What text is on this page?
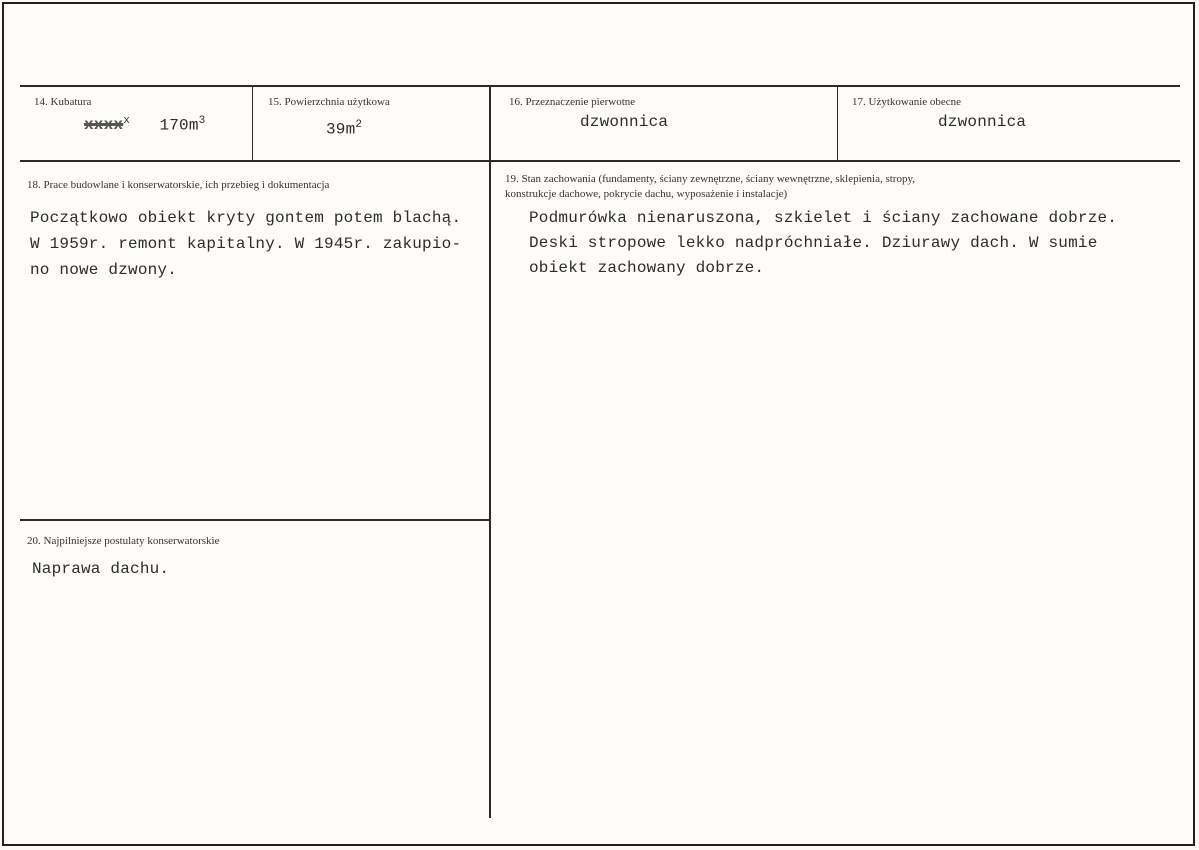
14. Kubatura
xxxx$^x$ $170m^3$
15. Powierzchnia użytkowa
$39m^2$
16. Przeznaczenie pierwotne
dzwonnica
17. Użytkowanie obecne
dzwonnica
18. Prace budowlane i konserwatorskie, ich przebieg i dokumentacja
Początkowo obiekt kryty gontem potem blachą.
W 1959r. remont kapitalny. W 1945r. zakupio-
no nowe dzwony.
19. Stan zachowania (fundamenty, ściany zewnętrzne, ściany wewnętrzne, sklepienia, stropy,
konstrukcje dachowe, pokrycie dachu, wyposażenie i instalacje)
Podmurówka nienaruszona, szkielet i ściany zachowane dobrze.
Deski stropowe lekko nadpróchniałe. Dziurawy dach. W sumie
obiekt zachowany dobrze.
20. Najpilniejsze postulaty konserwatorskie
Naprawa dachu.
